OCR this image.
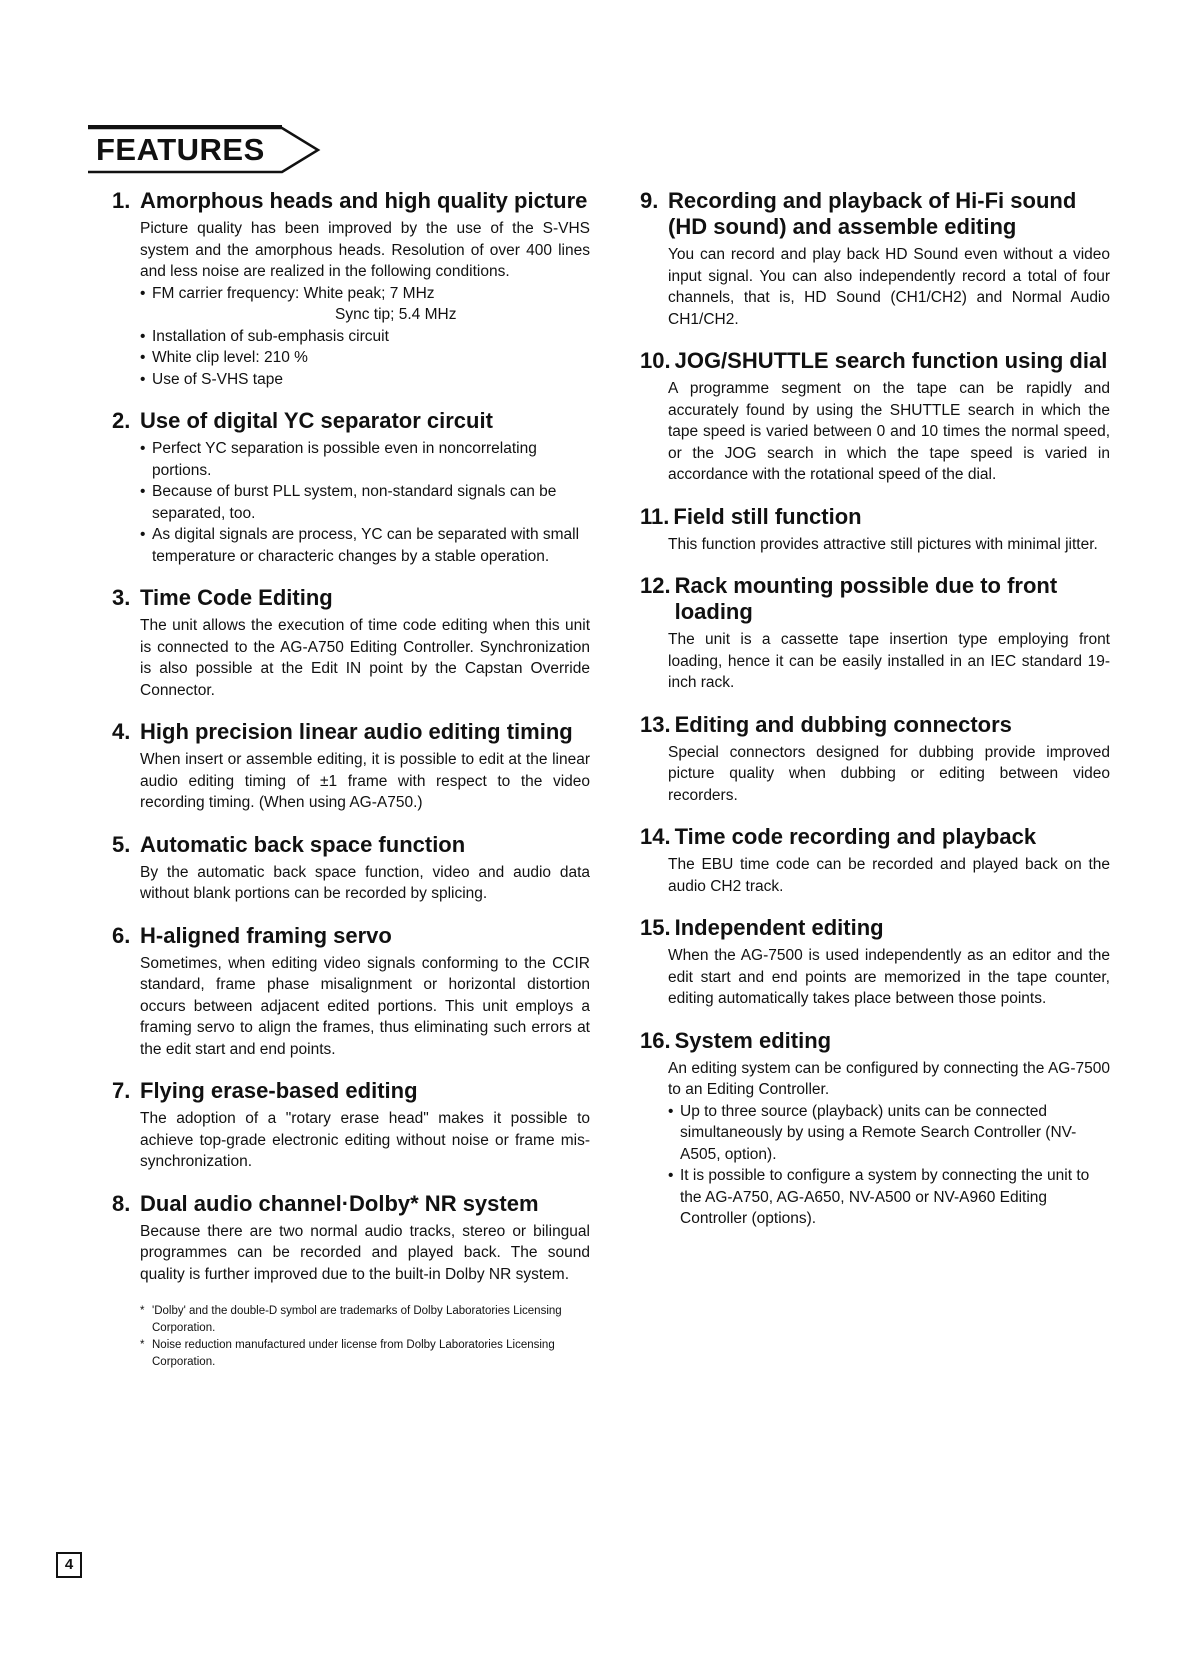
FEATURES
1. Amorphous heads and high quality picture

Picture quality has been improved by the use of the S-VHS system and the amorphous heads. Resolution of over 400 lines and less noise are realized in the following conditions.

• FM carrier frequency: White peak; 7 MHz
Sync tip; 5.4 MHz
• Installation of sub-emphasis circuit
• White clip level: 210 %
• Use of S-VHS tape
2. Use of digital YC separator circuit
• Perfect YC separation is possible even in noncorrelating portions.
• Because of burst PLL system, non-standard signals can be separated, too.
• As digital signals are process, YC can be separated with small temperature or characteric changes by a stable operation.
3. Time Code Editing

The unit allows the execution of time code editing when this unit is connected to the AG-A750 Editing Controller. Synchronization is also possible at the Edit IN point by the Capstan Override Connector.

4. High precision linear audio editing timing

When insert or assemble editing, it is possible to edit at the linear audio editing timing of ±1 frame with respect to the video recording timing. (When using AG-A750.)

5. Automatic back space function

By the automatic back space function, video and audio data without blank portions can be recorded by splicing.

6. H-aligned framing servo

Sometimes, when editing video signals conforming to the CCIR standard, frame phase misalignment or horizontal distortion occurs between adjacent edited portions. This unit employs a framing servo to align the frames, thus eliminating such errors at the edit start and end points.

7. Flying erase-based editing

The adoption of a "rotary erase head" makes it possible to achieve top-grade electronic editing without noise or frame mis-synchronization.

8. Dual audio channel·Dolby* NR system

Because there are two normal audio tracks, stereo or bilingual programmes can be recorded and played back. The sound quality is further improved due to the built-in Dolby NR system.

* 'Dolby' and the double-D symbol are trademarks of Dolby Laboratories Licensing Corporation.
* Noise reduction manufactured under license from Dolby Laboratories Licensing Corporation.
9. Recording and playback of Hi-Fi sound (HD sound) and assemble editing

You can record and play back HD Sound even without a video input signal. You can also independently record a total of four channels, that is, HD Sound (CH1/CH2) and Normal Audio CH1/CH2.

10. JOG/SHUTTLE search function using dial

A programme segment on the tape can be rapidly and accurately found by using the SHUTTLE search in which the tape speed is varied between 0 and 10 times the normal speed, or the JOG search in which the tape speed is varied in accordance with the rotational speed of the dial.

11. Field still function

This function provides attractive still pictures with minimal jitter.

12. Rack mounting possible due to front loading

The unit is a cassette tape insertion type employing front loading, hence it can be easily installed in an IEC standard 19-inch rack.

13. Editing and dubbing connectors

Special connectors designed for dubbing provide improved picture quality when dubbing or editing between video recorders.

14. Time code recording and playback

The EBU time code can be recorded and played back on the audio CH2 track.

15. Independent editing

When the AG-7500 is used independently as an editor and the edit start and end points are memorized in the tape counter, editing automatically takes place between those points.

16. System editing

An editing system can be configured by connecting the AG-7500 to an Editing Controller.

• Up to three source (playback) units can be connected simultaneously by using a Remote Search Controller (NV-A505, option).
• It is possible to configure a system by connecting the unit to the AG-A750, AG-A650, NV-A500 or NV-A960 Editing Controller (options).
4
